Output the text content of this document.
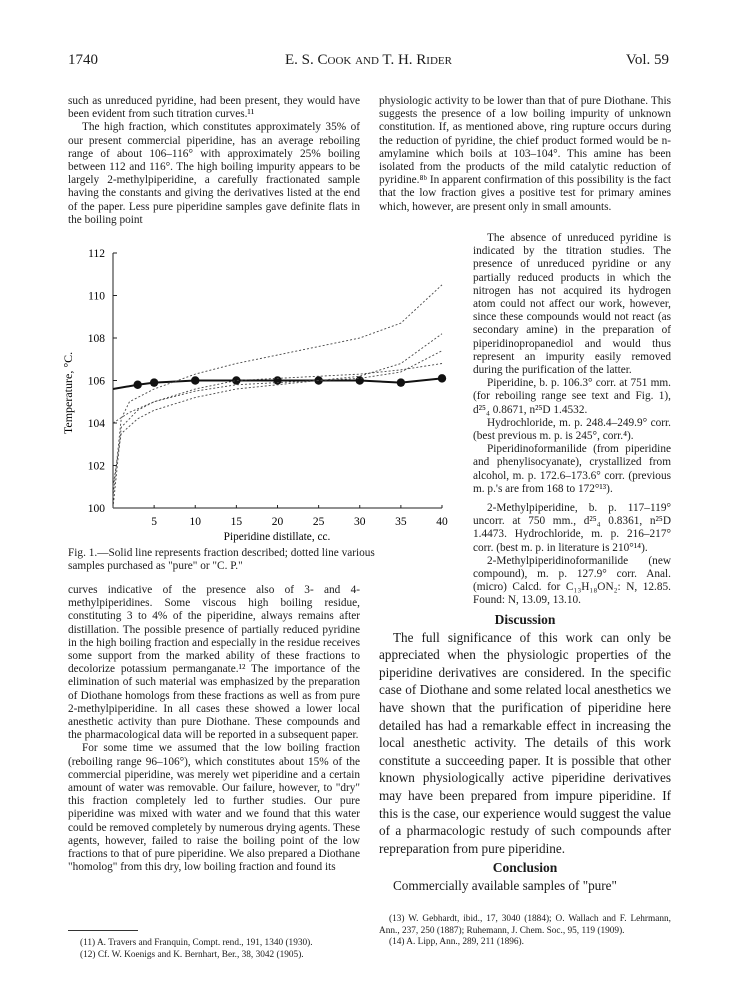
1740	E. S. Cook and T. H. Rider	Vol. 59

such as unreduced pyridine, had been present, they would have been evident from such titration curves.¹¹

The high fraction, which constitutes approximately 35% of our present commercial piperidine, has an average reboiling range of about 106–116° with approximately 25% boiling between 112 and 116°. The high boiling impurity appears to be largely 2-methylpiperidine, a carefully fractionated sample having the constants and giving the derivatives listed at the end of the paper. Less pure piperidine samples gave definite flats in the boiling point

physiologic activity to be lower than that of pure Diothane. This suggests the presence of a low boiling impurity of unknown constitution. If, as mentioned above, ring rupture occurs during the reduction of pyridine, the chief product formed would be n-amylamine which boils at 103–104°. This amine has been isolated from the products of the mild catalytic reduction of pyridine.⁸ᵇ In apparent confirmation of this possibility is the fact that the low fraction gives a positive test for primary amines which, however, are present only in small amounts.

100
102
104
106
108
110
112
5	10	15	20	25	30	35	40
Temperature, °C.
Piperidine distillate, cc.
Fig. 1.—Solid line represents fraction described; dotted line various samples purchased as "pure" or "C. P."

The absence of unreduced pyridine is indicated by the titration studies. The presence of unreduced pyridine or any partially reduced products in which the nitrogen has not acquired its hydrogen atom could not affect our work, however, since these compounds would not react (as secondary amine) in the preparation of piperidinopropanediol and would thus represent an impurity easily removed during the purification of the latter.

Piperidine, b. p. 106.3° corr. at 751 mm. (for reboiling range see text and Fig. 1), d²⁵₄ 0.8671, n²⁵D 1.4532.

Hydrochloride, m. p. 248.4–249.9° corr. (best previous m. p. is 245°, corr.⁴).

Piperidinoformanilide (from piperidine and phenylisocyanate), crystallized from alcohol, m. p. 172.6–173.6° corr. (previous m. p.'s are from 168 to 172°¹³).

2-Methylpiperidine, b. p. 117–119° uncorr. at 750 mm., d²⁵₄ 0.8361, n²⁵D 1.4473. Hydrochloride, m. p. 216–217° corr. (best m. p. in literature is 210°¹⁴).

2-Methylpiperidinoformanilide (new compound), m. p. 127.9° corr. Anal. (micro) Calcd. for C₁₃H₁₈ON₂: N, 12.85. Found: N, 13.09, 13.10.

curves indicative of the presence also of 3- and 4-methylpiperidines. Some viscous high boiling residue, constituting 3 to 4% of the piperidine, always remains after distillation. The possible presence of partially reduced pyridine in the high boiling fraction and especially in the residue receives some support from the marked ability of these fractions to decolorize potassium permanganate.¹² The importance of the elimination of such material was emphasized by the preparation of Diothane homologs from these fractions as well as from pure 2-methylpiperidine. In all cases these showed a lower local anesthetic activity than pure Diothane. These compounds and the pharmacological data will be reported in a subsequent paper.

For some time we assumed that the low boiling fraction (reboiling range 96–106°), which constitutes about 15% of the commercial piperidine, was merely wet piperidine and a certain amount of water was removable. Our failure, however, to "dry" this fraction completely led to further studies. Our pure piperidine was mixed with water and we found that this water could be removed completely by numerous drying agents. These agents, however, failed to raise the boiling point of the low fractions to that of pure piperidine. We also prepared a Diothane "homolog" from this dry, low boiling fraction and found its

(11) A. Travers and Franquin, Compt. rend., 191, 1340 (1930).

(12) Cf. W. Koenigs and K. Bernhart, Ber., 38, 3042 (1905).

Discussion

The full significance of this work can only be appreciated when the physiologic properties of the piperidine derivatives are considered. In the specific case of Diothane and some related local anesthetics we have shown that the purification of piperidine here detailed has had a remarkable effect in increasing the local anesthetic activity. The details of this work constitute a succeeding paper. It is possible that other known physiologically active piperidine derivatives may have been prepared from impure piperidine. If this is the case, our experience would suggest the value of a pharmacologic restudy of such compounds after repreparation from pure piperidine.

Conclusion

Commercially available samples of "pure"

(13) W. Gebhardt, ibid., 17, 3040 (1884); O. Wallach and F. Lehrmann, Ann., 237, 250 (1887); Ruhemann, J. Chem. Soc., 95, 119 (1909).

(14) A. Lipp, Ann., 289, 211 (1896).
